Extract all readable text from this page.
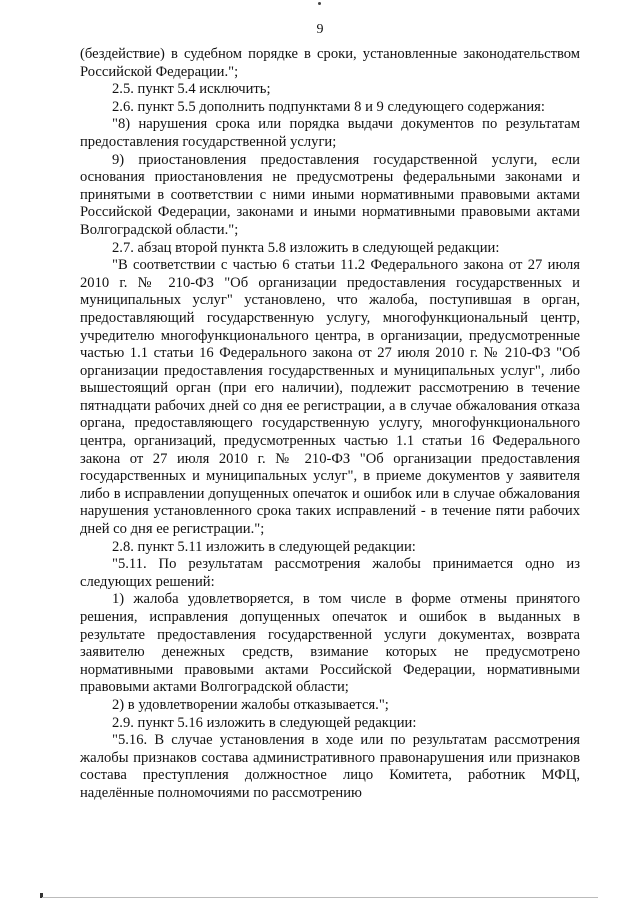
9

(бездействие) в судебном порядке в сроки, установленные законодательством Российской Федерации.";

2.5. пункт 5.4 исключить;

2.6. пункт 5.5 дополнить подпунктами 8 и 9 следующего содержания:

"8) нарушения срока или порядка выдачи документов по результатам предоставления государственной услуги;

9) приостановления предоставления государственной услуги, если основания приостановления не предусмотрены федеральными законами и принятыми в соответствии с ними иными нормативными правовыми актами Российской Федерации, законами и иными нормативными правовыми актами Волгоградской области.";

2.7. абзац второй пункта 5.8 изложить в следующей редакции:

"В соответствии с частью 6 статьи 11.2 Федерального закона от 27 июля 2010 г. № 210-ФЗ "Об организации предоставления государственных и муниципальных услуг" установлено, что жалоба, поступившая в орган, предоставляющий государственную услугу, многофункциональный центр, учредителю многофункционального центра, в организации, предусмотренные частью 1.1 статьи 16 Федерального закона от 27 июля 2010 г. № 210-ФЗ "Об организации предоставления государственных и муниципальных услуг", либо вышестоящий орган (при его наличии), подлежит рассмотрению в течение пятнадцати рабочих дней со дня ее регистрации, а в случае обжалования отказа органа, предоставляющего государственную услугу, многофункционального центра, организаций, предусмотренных частью 1.1 статьи 16 Федерального закона от 27 июля 2010 г. № 210-ФЗ "Об организации предоставления государственных и муниципальных услуг", в приеме документов у заявителя либо в исправлении допущенных опечаток и ошибок или в случае обжалования нарушения установленного срока таких исправлений - в течение пяти рабочих дней со дня ее регистрации.";

2.8. пункт 5.11 изложить в следующей редакции:

"5.11. По результатам рассмотрения жалобы принимается одно из следующих решений:

1) жалоба удовлетворяется, в том числе в форме отмены принятого решения, исправления допущенных опечаток и ошибок в выданных в результате предоставления государственной услуги документах, возврата заявителю денежных средств, взимание которых не предусмотрено нормативными правовыми актами Российской Федерации, нормативными правовыми актами Волгоградской области;

2) в удовлетворении жалобы отказывается.";

2.9. пункт 5.16 изложить в следующей редакции:

"5.16. В случае установления в ходе или по результатам рассмотрения жалобы признаков состава административного правонарушения или признаков состава преступления должностное лицо Комитета, работник МФЦ, наделённые полномочиями по рассмотрению
